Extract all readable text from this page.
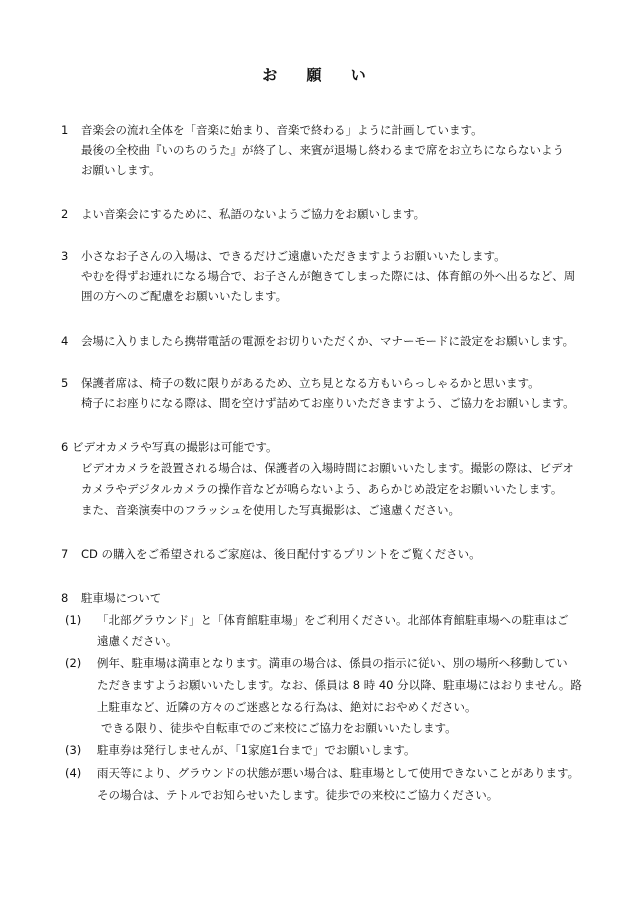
お 願 い
1 音楽会の流れ全体を「音楽に始まり、音楽で終わる」ように計画しています。
最後の全校曲『いのちのうた』が終了し、来賓が退場し終わるまで席をお立ちにならないよう
お願いします。
2 よい音楽会にするために、私語のないようご協力をお願いします。
3 小さなお子さんの入場は、できるだけご遠慮いただきますようお願いいたします。
やむを得ずお連れになる場合で、お子さんが飽きてしまった際には、体育館の外へ出るなど、周
囲の方へのご配慮をお願いいたします。
4 会場に入りましたら携帯電話の電源をお切りいただくか、マナーモードに設定をお願いします。
5 保護者席は、椅子の数に限りがあるため、立ち見となる方もいらっしゃるかと思います。
椅子にお座りになる際は、間を空けず詰めてお座りいただきますよう、ご協力をお願いします。
6 ビデオカメラや写真の撮影は可能です。
ビデオカメラを設置される場合は、保護者の入場時間にお願いいたします。撮影の際は、ビデオ
カメラやデジタルカメラの操作音などが鳴らないよう、あらかじめ設定をお願いいたします。
また、音楽演奏中のフラッシュを使用した写真撮影は、ご遠慮ください。
7 CD の購入をご希望されるご家庭は、後日配付するプリントをご覧ください。
8 駐車場について
(1) 「北部グラウンド」と「体育館駐車場」をご利用ください。北部体育館駐車場への駐車はご
遠慮ください。
(2) 例年、駐車場は満車となります。満車の場合は、係員の指示に従い、別の場所へ移動してい
ただきますようお願いいたします。なお、係員は 8 時 40 分以降、駐車場にはおりません。路
上駐車など、近隣の方々のご迷惑となる行為は、絶対におやめください。
できる限り、徒歩や自転車でのご来校にご協力をお願いいたします。
(3) 駐車券は発行しませんが、「1家庭1台まで」でお願いします。
(4) 雨天等により、グラウンドの状態が悪い場合は、駐車場として使用できないことがあります。
その場合は、テトルでお知らせいたします。徒歩での来校にご協力ください。
